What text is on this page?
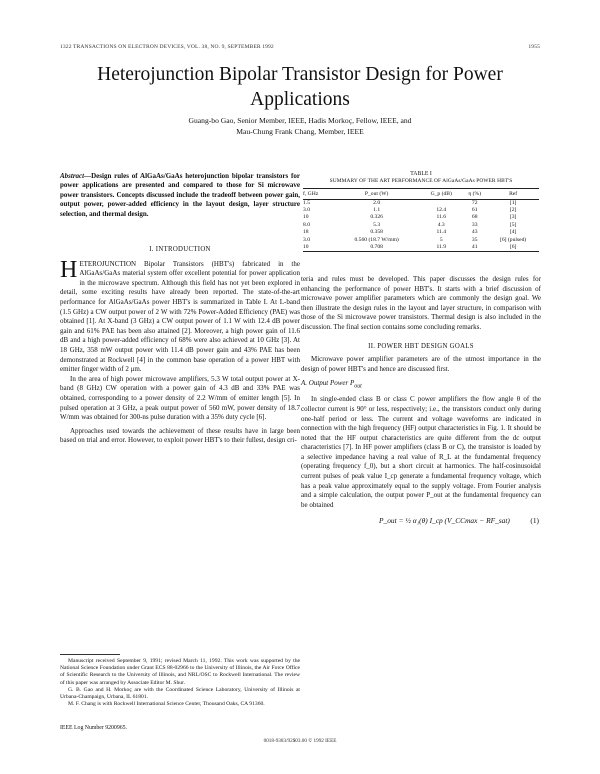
1322 TRANSACTIONS ON ELECTRON DEVICES, VOL. 38, NO. 9, SEPTEMBER 1992	1955
Heterojunction Bipolar Transistor Design for Power Applications
Guang-bo Gao, Senior Member, IEEE, Hadis Morkoç, Fellow, IEEE, and
Mau-Chung Frank Chang, Member, IEEE
Abstract—Design rules of AlGaAs/GaAs heterojunction bipolar transistors for power applications are presented and compared to those for Si microwave power transistors. Concepts discussed include the tradeoff between power gain, output power, power-added efficiency in the layout design, layer structure selection, and thermal design.
I. INTRODUCTION

HETEROJUNCTION Bipolar Transistors (HBT's) fabricated in the AlGaAs/GaAs material system offer excellent potential for power application in the microwave spectrum. Although this field has not yet been explored in detail, some exciting results have already been reported. The state-of-the-art performance for AlGaAs/GaAs power HBT's is summarized in Table I. At L-band (1.5 GHz) a CW output power of 2 W with 72% Power-Added Efficiency (PAE) was obtained [1]. At X-band (3 GHz) a CW output power of 1.1 W with 12.4 dB power gain and 61% PAE has been also attained [2]. Moreover, a high power gain of 11.6 dB and a high power-added efficiency of 68% were also achieved at 10 GHz [3]. At 18 GHz, 358 mW output power with 11.4 dB power gain and 43% PAE has been demonstrated at Rockwell [4] in the common base operation of a power HBT with emitter finger width of 2 μm.

In the area of high power microwave amplifiers, 5.3 W total output power at X-band (8 GHz) CW operation with a power gain of 4.3 dB and 33% PAE was obtained, corresponding to a power density of 2.2 W/mm of emitter length [5]. In pulsed operation at 3 GHz, a peak output power of 560 mW, power density of 18.7 W/mm was obtained for 300-ns pulse duration with a 35% duty cycle [6].

Approaches used towards the achievement of these results have in large been based on trial and error. However, to exploit power HBT's to their fullest, design cri-

Manuscript received September 9, 1991; revised March 11, 1992. This work was supported by the National Science Foundation under Grant ECS 88-02966 to the University of Illinois, the Air Force Office of Scientific Research to the University of Illinois, and NRL/OSC to Rockwell International. The review of this paper was arranged by Associate Editor M. Shur.

G. B. Gao and H. Morkoç are with the Coordinated Science Laboratory, University of Illinois at Urbana-Champaign, Urbana, IL 61801.

M. F. Chang is with Rockwell International Science Center, Thousand Oaks, CA 91360.

IEEE Log Number 9200965.
TABLE I
SUMMARY OF THE ART PERFORMANCE OF AlGaAs/GaAs POWER HBT'S
f, GHz	P_out (W)	G_p (dB)	η (%)	Ref
1.5	2.0		72	[1]
3.0	1.1	12.4	61	[2]
10	0.326	11.6	68	[3]
8.0	5.3	4.3	33	[5]
18	0.358	11.4	43	[4]
3.0	0.560 (18.7 W/mm)	5	35	[6] (pulsed)
10	0.708	11.9	41	[6]

teria and rules must be developed. This paper discusses the design rules for enhancing the performance of power HBT's. It starts with a brief discussion of microwave power amplifier parameters which are commonly the design goal. We then illustrate the design rules in the layout and layer structure, in comparison with those of the Si microwave power transistors. Thermal design is also included in the discussion. The final section contains some concluding remarks.

II. POWER HBT DESIGN GOALS

Microwave power amplifier parameters are of the utmost importance in the design of power HBT's and hence are discussed first.

A. Output Power $P_{out}$

In single-ended class B or class C power amplifiers the flow angle θ of the collector current is 90° or less, respectively; i.e., the transistors conduct only during one-half period or less. The current and voltage waveforms are indicated in connection with the high frequency (HF) output characteristics in Fig. 1. It should be noted that the HF output characteristics are quite different from the dc output characteristics [7]. In HF power amplifiers (class B or C), the transistor is loaded by a selective impedance having a real value of R_L at the fundamental frequency (operating frequency f_0), but a short circuit at harmonics. The half-cosinusoidal current pulses of peak value I_cp generate a fundamental frequency voltage, which has a peak value approximately equal to the supply voltage. From Fourier analysis and a simple calculation, the output power P_out at the fundamental frequency can be obtained

P_out = ½ α₁(θ) I_cp (V_CCmax − RF_sat)	(1)
0018-9383/92$03.00 © 1992 IEEE
